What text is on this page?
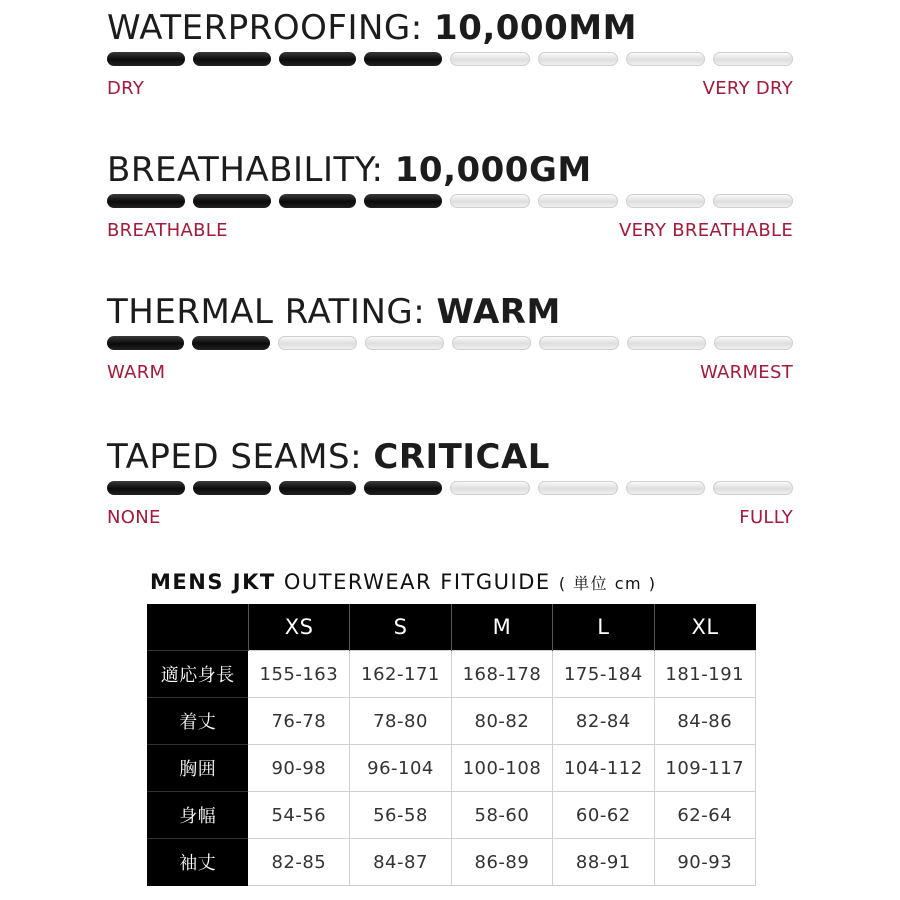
WATERPROOFING: 10,000MM
DRY	VERY DRY
BREATHABILITY: 10,000GM
BREATHABLE	VERY BREATHABLE
THERMAL RATING: WARM
WARM	WARMEST
TAPED SEAMS: CRITICAL
NONE	FULLY
MENS JKT OUTERWEAR FITGUIDE ( 単位 cm )
	XS	S	M	L	XL
適応身長	155-163	162-171	168-178	175-184	181-191
着丈	76-78	78-80	80-82	82-84	84-86
胸囲	90-98	96-104	100-108	104-112	109-117
身幅	54-56	56-58	58-60	60-62	62-64
袖丈	82-85	84-87	86-89	88-91	90-93
